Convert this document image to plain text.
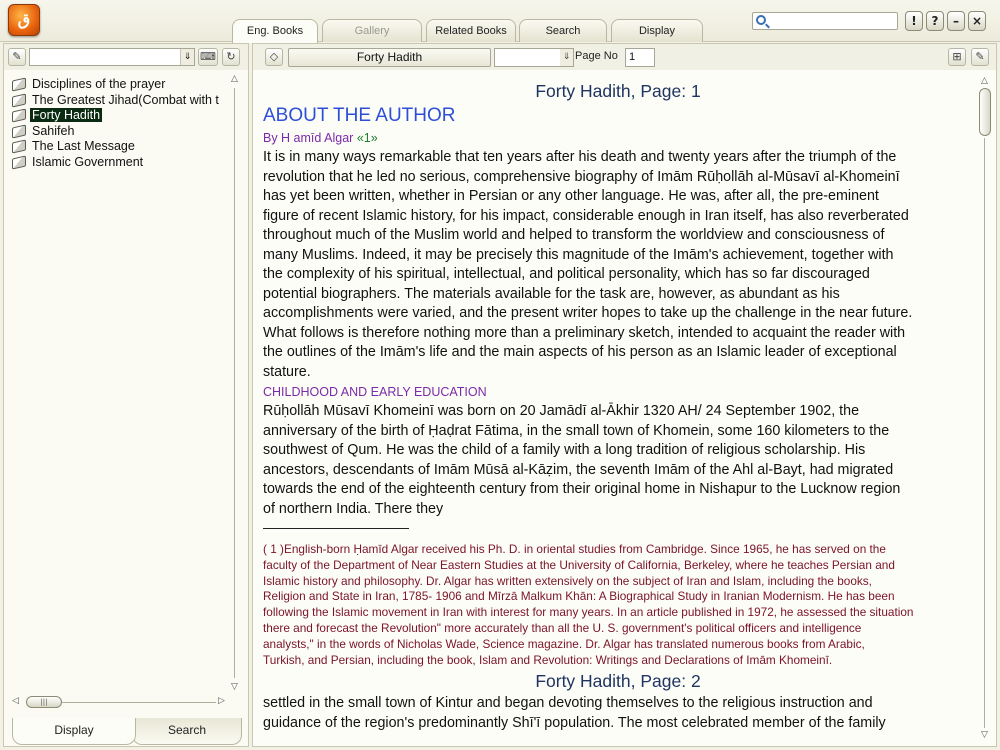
ق
Eng. Books	Gallery	Related Books	Search	Display
!	?	–	×
✎	⇓ ⌨ ↻
Disciplines of the prayer
The Greatest Jihad(Combat with t
Forty Hadith
Sahifeh
The Last Message
Islamic Government
△
▽
◁	|||	▷
Display	Search
◇	Forty Hadith	⇓ Page No	1	⊞	✎
Forty Hadith, Page: 1
ABOUT THE AUTHOR
By H amīd Algar «1»
It is in many ways remarkable that ten years after his death and twenty years after the triumph of the
revolution that he led no serious, comprehensive biography of Imām Rūḥollāh al-Mūsavī al-Khomeinī
has yet been written, whether in Persian or any other language. He was, after all, the pre-eminent
figure of recent Islamic history, for his impact, considerable enough in Iran itself, has also reverberated
throughout much of the Muslim world and helped to transform the worldview and consciousness of
many Muslims. Indeed, it may be precisely this magnitude of the Imām's achievement, together with
the complexity of his spiritual, intellectual, and political personality, which has so far discouraged
potential biographers. The materials available for the task are, however, as abundant as his
accomplishments were varied, and the present writer hopes to take up the challenge in the near future.
What follows is therefore nothing more than a preliminary sketch, intended to acquaint the reader with
the outlines of the Imām's life and the main aspects of his person as an Islamic leader of exceptional
stature.
CHILDHOOD AND EARLY EDUCATION
Rūḥollāh Mūsavī Khomeinī was born on 20 Jamādī al-Ākhir 1320 AH/ 24 September 1902, the
anniversary of the birth of Ḥaḍrat Fātima, in the small town of Khomein, some 160 kilometers to the
southwest of Qum. He was the child of a family with a long tradition of religious scholarship. His
ancestors, descendants of Imām Mūsā al-Kāẓim, the seventh Imām of the Ahl al-Bayt, had migrated
towards the end of the eighteenth century from their original home in Nishapur to the Lucknow region
of northern India. There they
( 1 )English-born Ḥamīd Algar received his Ph. D. in oriental studies from Cambridge. Since 1965, he has served on the
faculty of the Department of Near Eastern Studies at the University of California, Berkeley, where he teaches Persian and
Islamic history and philosophy. Dr. Algar has written extensively on the subject of Iran and Islam, including the books,
Religion and State in Iran, 1785- 1906 and Mīrzā Malkum Khān: A Biographical Study in Iranian Modernism. He has been
following the Islamic movement in Iran with interest for many years. In an article published in 1972, he assessed the situation
there and forecast the Revolution" more accurately than all the U. S. government's political officers and intelligence
analysts," in the words of Nicholas Wade, Science magazine. Dr. Algar has translated numerous books from Arabic,
Turkish, and Persian, including the book, Islam and Revolution: Writings and Declarations of Imām Khomeinī.
Forty Hadith, Page: 2
settled in the small town of Kintur and began devoting themselves to the religious instruction and
guidance of the region's predominantly Shī'ī population. The most celebrated member of the family
△
▽
